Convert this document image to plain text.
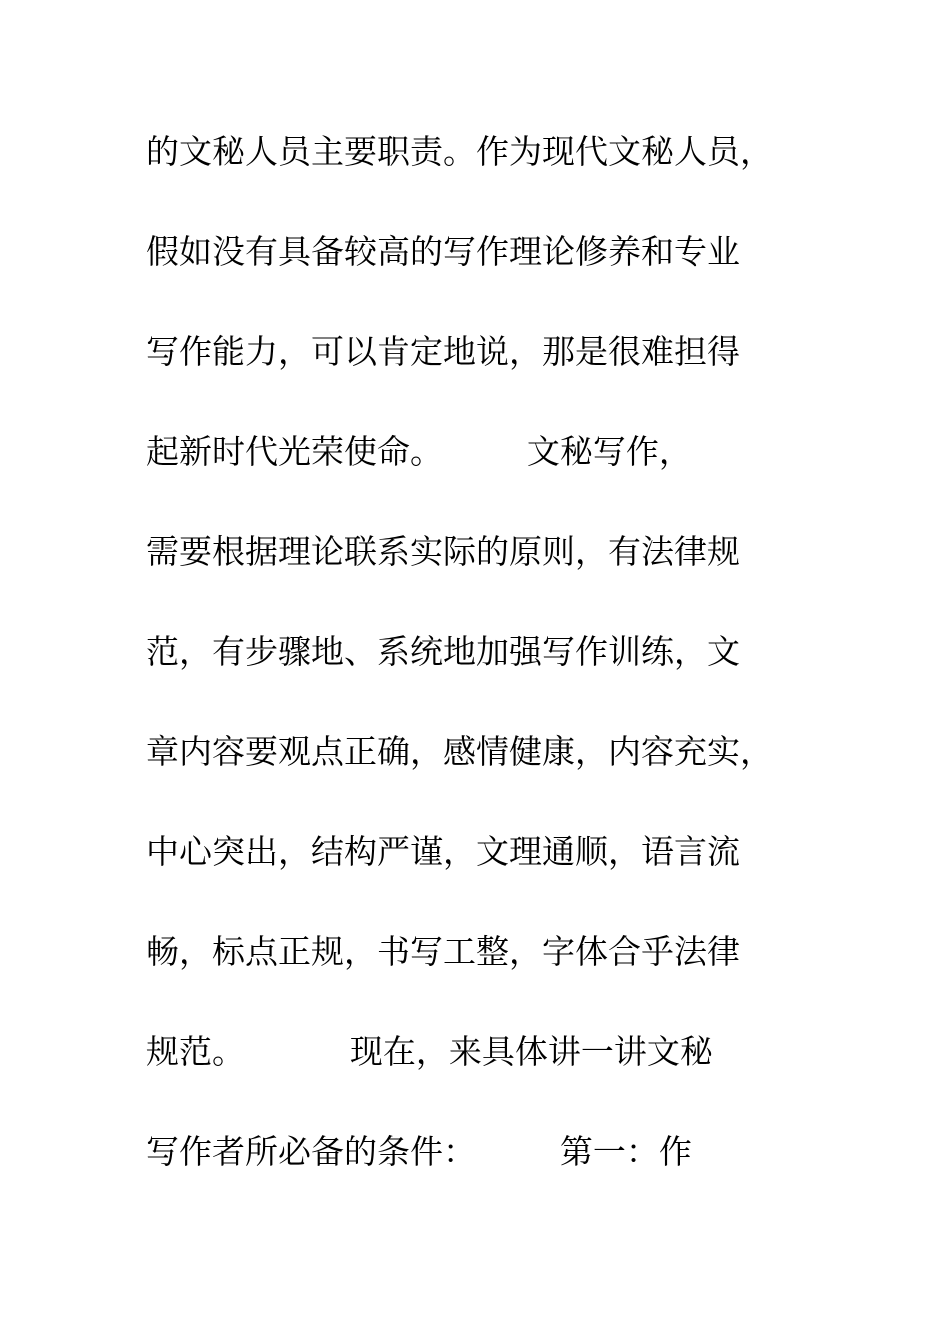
的文秘人员主要职责。作为现代文秘人员，
假如没有具备较高的写作理论修养和专业
写作能力，可以肯定地说，那是很难担得
起新时代光荣使命。        文秘写作，
需要根据理论联系实际的原则，有法律规
范，有步骤地、系统地加强写作训练，文
章内容要观点正确，感情健康，内容充实，
中心突出，结构严谨，文理通顺，语言流
畅，标点正规，书写工整，字体合乎法律
规范。          现在，来具体讲一讲文秘
写作者所必备的条件：        第一：作
